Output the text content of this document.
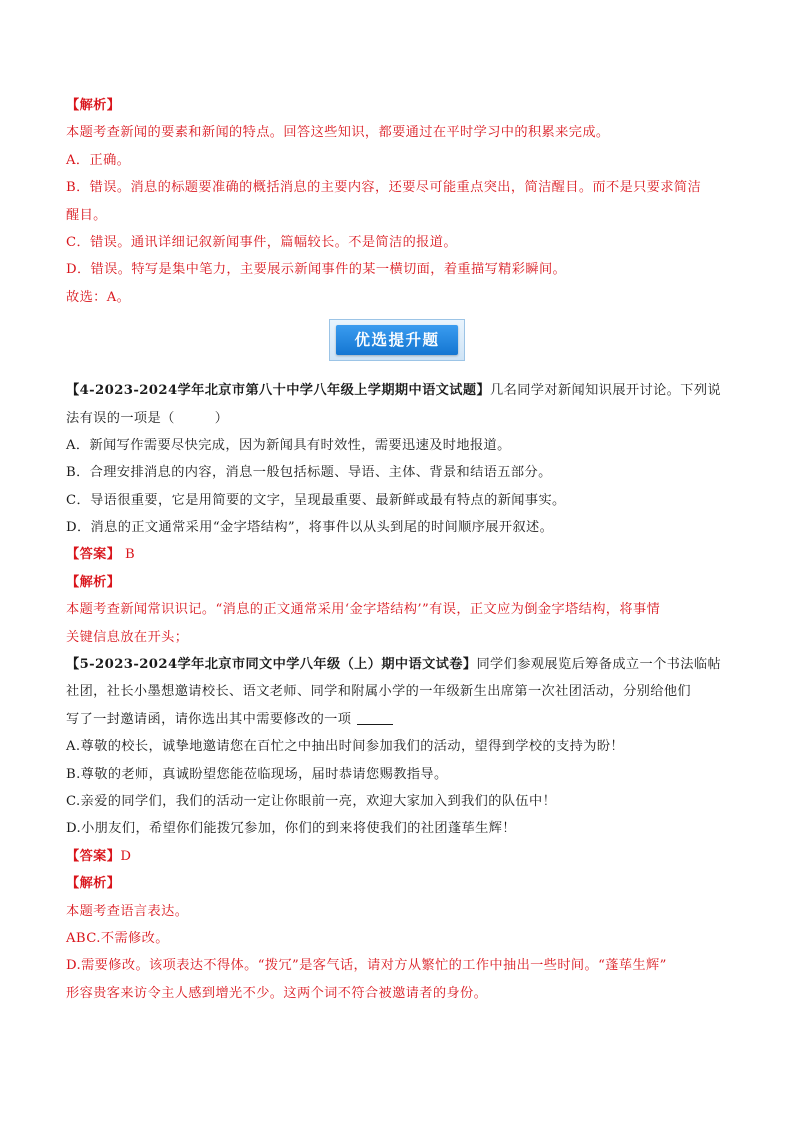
【解析】
本题考查新闻的要素和新闻的特点。回答这些知识，都要通过在平时学习中的积累来完成。
A．正确。
B．错误。消息的标题要准确的概括消息的主要内容，还要尽可能重点突出，简洁醒目。而不是只要求简洁
醒目。
C．错误。通讯详细记叙新闻事件，篇幅较长。不是简洁的报道。
D．错误。特写是集中笔力，主要展示新闻事件的某一横切面，着重描写精彩瞬间。
故选：A。
优选提升题
【4-2023-2024学年北京市第八十中学八年级上学期期中语文试题】几名同学对新闻知识展开讨论。下列说
法有误的一项是（	）
A．新闻写作需要尽快完成，因为新闻具有时效性，需要迅速及时地报道。
B．合理安排消息的内容，消息一般包括标题、导语、主体、背景和结语五部分。
C．导语很重要，它是用简要的文字，呈现最重要、最新鲜或最有特点的新闻事实。
D．消息的正文通常采用“金字塔结构”，将事件以从头到尾的时间顺序展开叙述。
【答案】 B
【解析】
本题考查新闻常识识记。“消息的正文通常采用‘金字塔结构’”有误，正文应为倒金字塔结构，将事情
关键信息放在开头；
【5-2023-2024学年北京市同文中学八年级（上）期中语文试卷】同学们参观展览后筹备成立一个书法临帖
社团，社长小墨想邀请校长、语文老师、同学和附属小学的一年级新生出席第一次社团活动，分别给他们
写了一封邀请函，请你选出其中需要修改的一项
A.尊敬的校长，诚挚地邀请您在百忙之中抽出时间参加我们的活动，望得到学校的支持为盼！
B.尊敬的老师，真诚盼望您能莅临现场，届时恭请您赐教指导。
C.亲爱的同学们，我们的活动一定让你眼前一亮，欢迎大家加入到我们的队伍中！
D.小朋友们，希望你们能拨冗参加，你们的到来将使我们的社团蓬荜生辉！
【答案】D
【解析】
本题考查语言表达。
ABC.不需修改。
D.需要修改。该项表达不得体。“拨冗”是客气话，请对方从繁忙的工作中抽出一些时间。“蓬荜生辉”
形容贵客来访令主人感到增光不少。这两个词不符合被邀请者的身份。
